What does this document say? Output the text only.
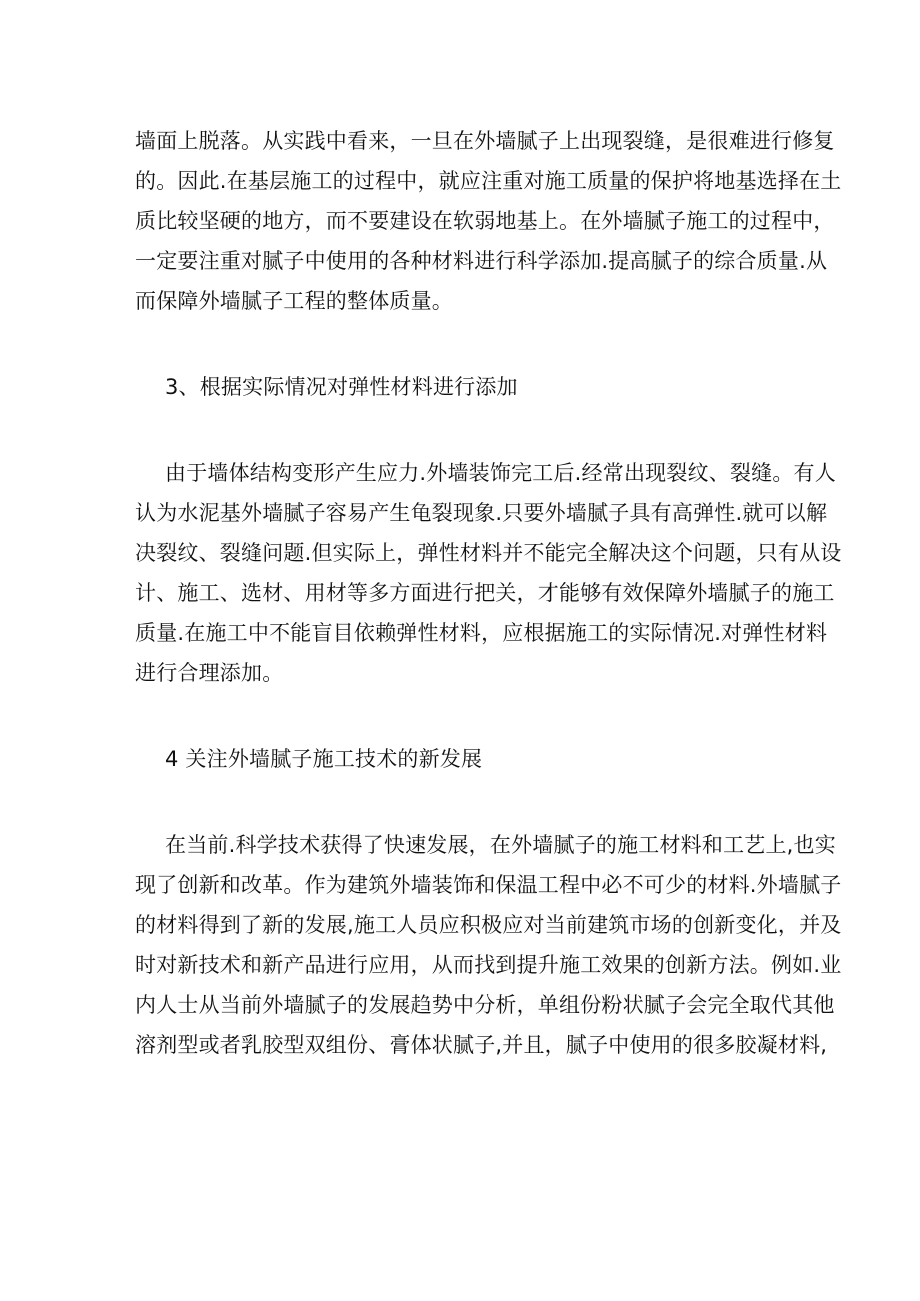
墙面上脱落。从实践中看来，一旦在外墙腻子上出现裂缝，是很难进行修复
的。因此.在基层施工的过程中，就应注重对施工质量的保护将地基选择在土
质比较坚硬的地方，而不要建设在软弱地基上。在外墙腻子施工的过程中，
一定要注重对腻子中使用的各种材料进行科学添加.提高腻子的综合质量.从
而保障外墙腻子工程的整体质量。
3、根据实际情况对弹性材料进行添加
由于墙体结构变形产生应力.外墙装饰完工后.经常出现裂纹、裂缝。有人
认为水泥基外墙腻子容易产生龟裂现象.只要外墙腻子具有高弹性.就可以解
决裂纹、裂缝问题.但实际上，弹性材料并不能完全解决这个问题，只有从设
计、施工、选材、用材等多方面进行把关，才能够有效保障外墙腻子的施工
质量.在施工中不能盲目依赖弹性材料，应根据施工的实际情况.对弹性材料
进行合理添加。
4 关注外墙腻子施工技术的新发展
在当前.科学技术获得了快速发展，在外墙腻子的施工材料和工艺上,也实
现了创新和改革。作为建筑外墙装饰和保温工程中必不可少的材料.外墙腻子
的材料得到了新的发展,施工人员应积极应对当前建筑市场的创新变化，并及
时对新技术和新产品进行应用，从而找到提升施工效果的创新方法。例如.业
内人士从当前外墙腻子的发展趋势中分析，单组份粉状腻子会完全取代其他
溶剂型或者乳胶型双组份、膏体状腻子,并且，腻子中使用的很多胶凝材料,
